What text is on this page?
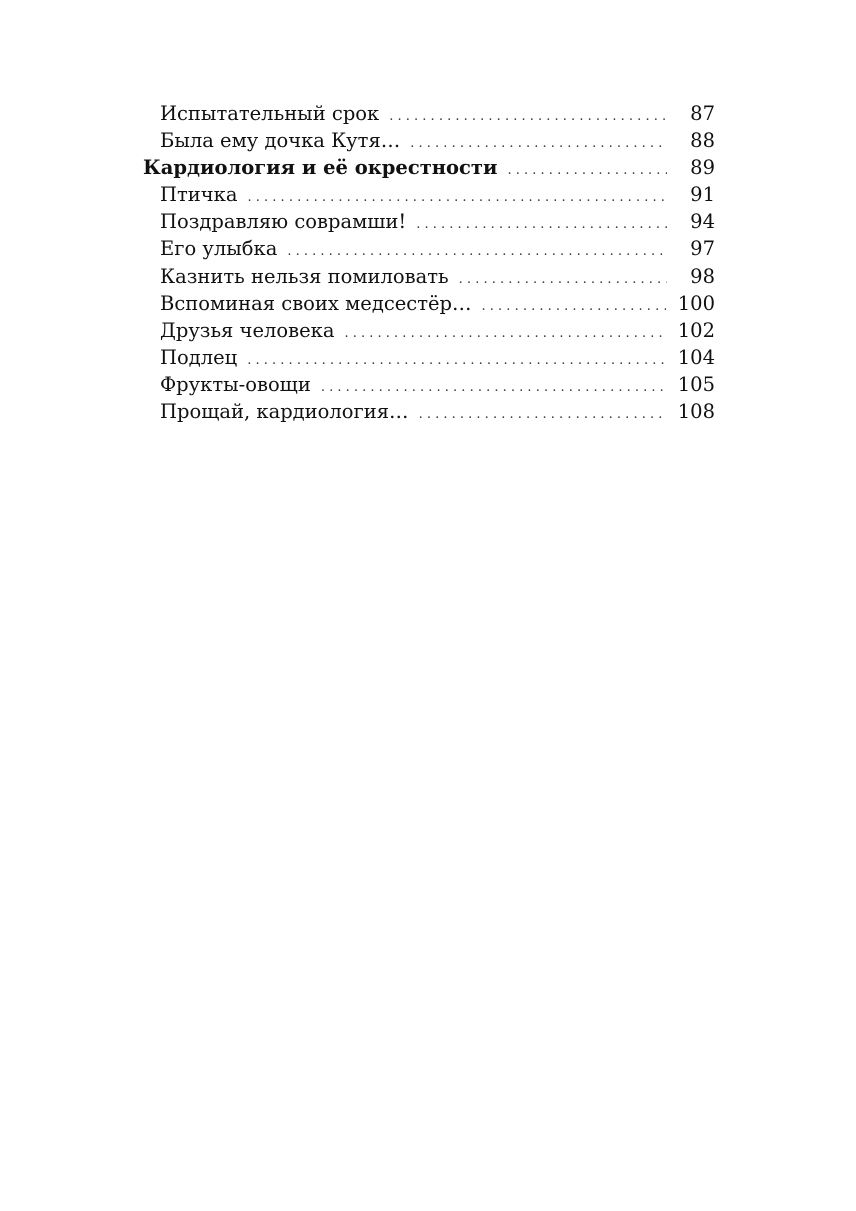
Испытательный срок . . .	87
Была ему дочка Кутя… . . .	88
Кардиология и её окрестности . . .	89
Птичка . . .	91
Поздравляю соврамши! . . .	94
Его улыбка . . .	97
Казнить нельзя помиловать . . .	98
Вспоминая своих медсестёр… . . .	100
Друзья человека . . .	102
Подлец . . .	104
Фрукты-овощи . . .	105
Прощай, кардиология… . . .	108
